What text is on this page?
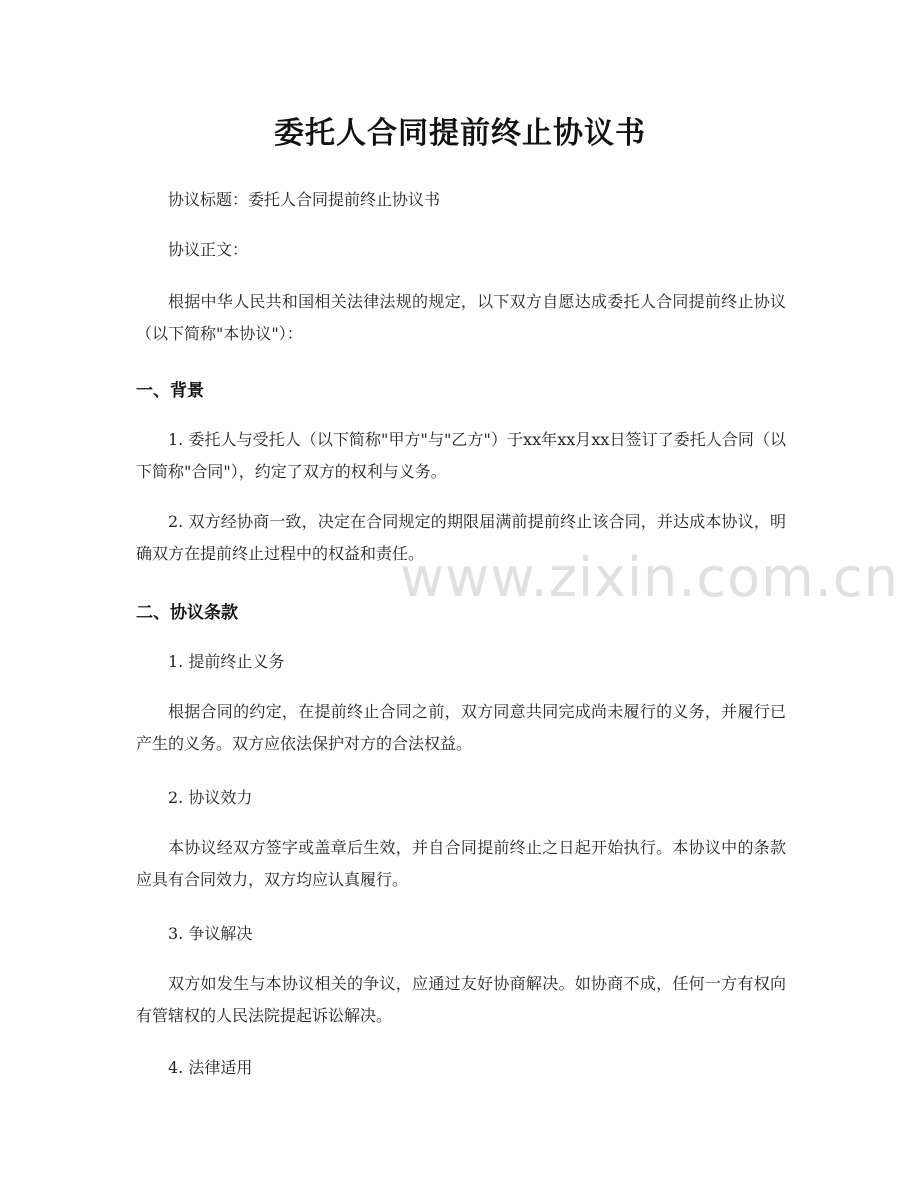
委托人合同提前终止协议书

协议标题：委托人合同提前终止协议书

协议正文：

根据中华人民共和国相关法律法规的规定，以下双方自愿达成委托人合同提前终止协议（以下简称"本协议"）：

一、背景

1. 委托人与受托人（以下简称"甲方"与"乙方"）于xx年xx月xx日签订了委托人合同（以下简称"合同"），约定了双方的权利与义务。

2. 双方经协商一致，决定在合同规定的期限届满前提前终止该合同，并达成本协议，明确双方在提前终止过程中的权益和责任。

二、协议条款

1. 提前终止义务

根据合同的约定，在提前终止合同之前，双方同意共同完成尚未履行的义务，并履行已产生的义务。双方应依法保护对方的合法权益。

2. 协议效力

本协议经双方签字或盖章后生效，并自合同提前终止之日起开始执行。本协议中的条款应具有合同效力，双方均应认真履行。

3. 争议解决

双方如发生与本协议相关的争议，应通过友好协商解决。如协商不成，任何一方有权向有管辖权的人民法院提起诉讼解决。

4. 法律适用

www.zixin.com.cn
